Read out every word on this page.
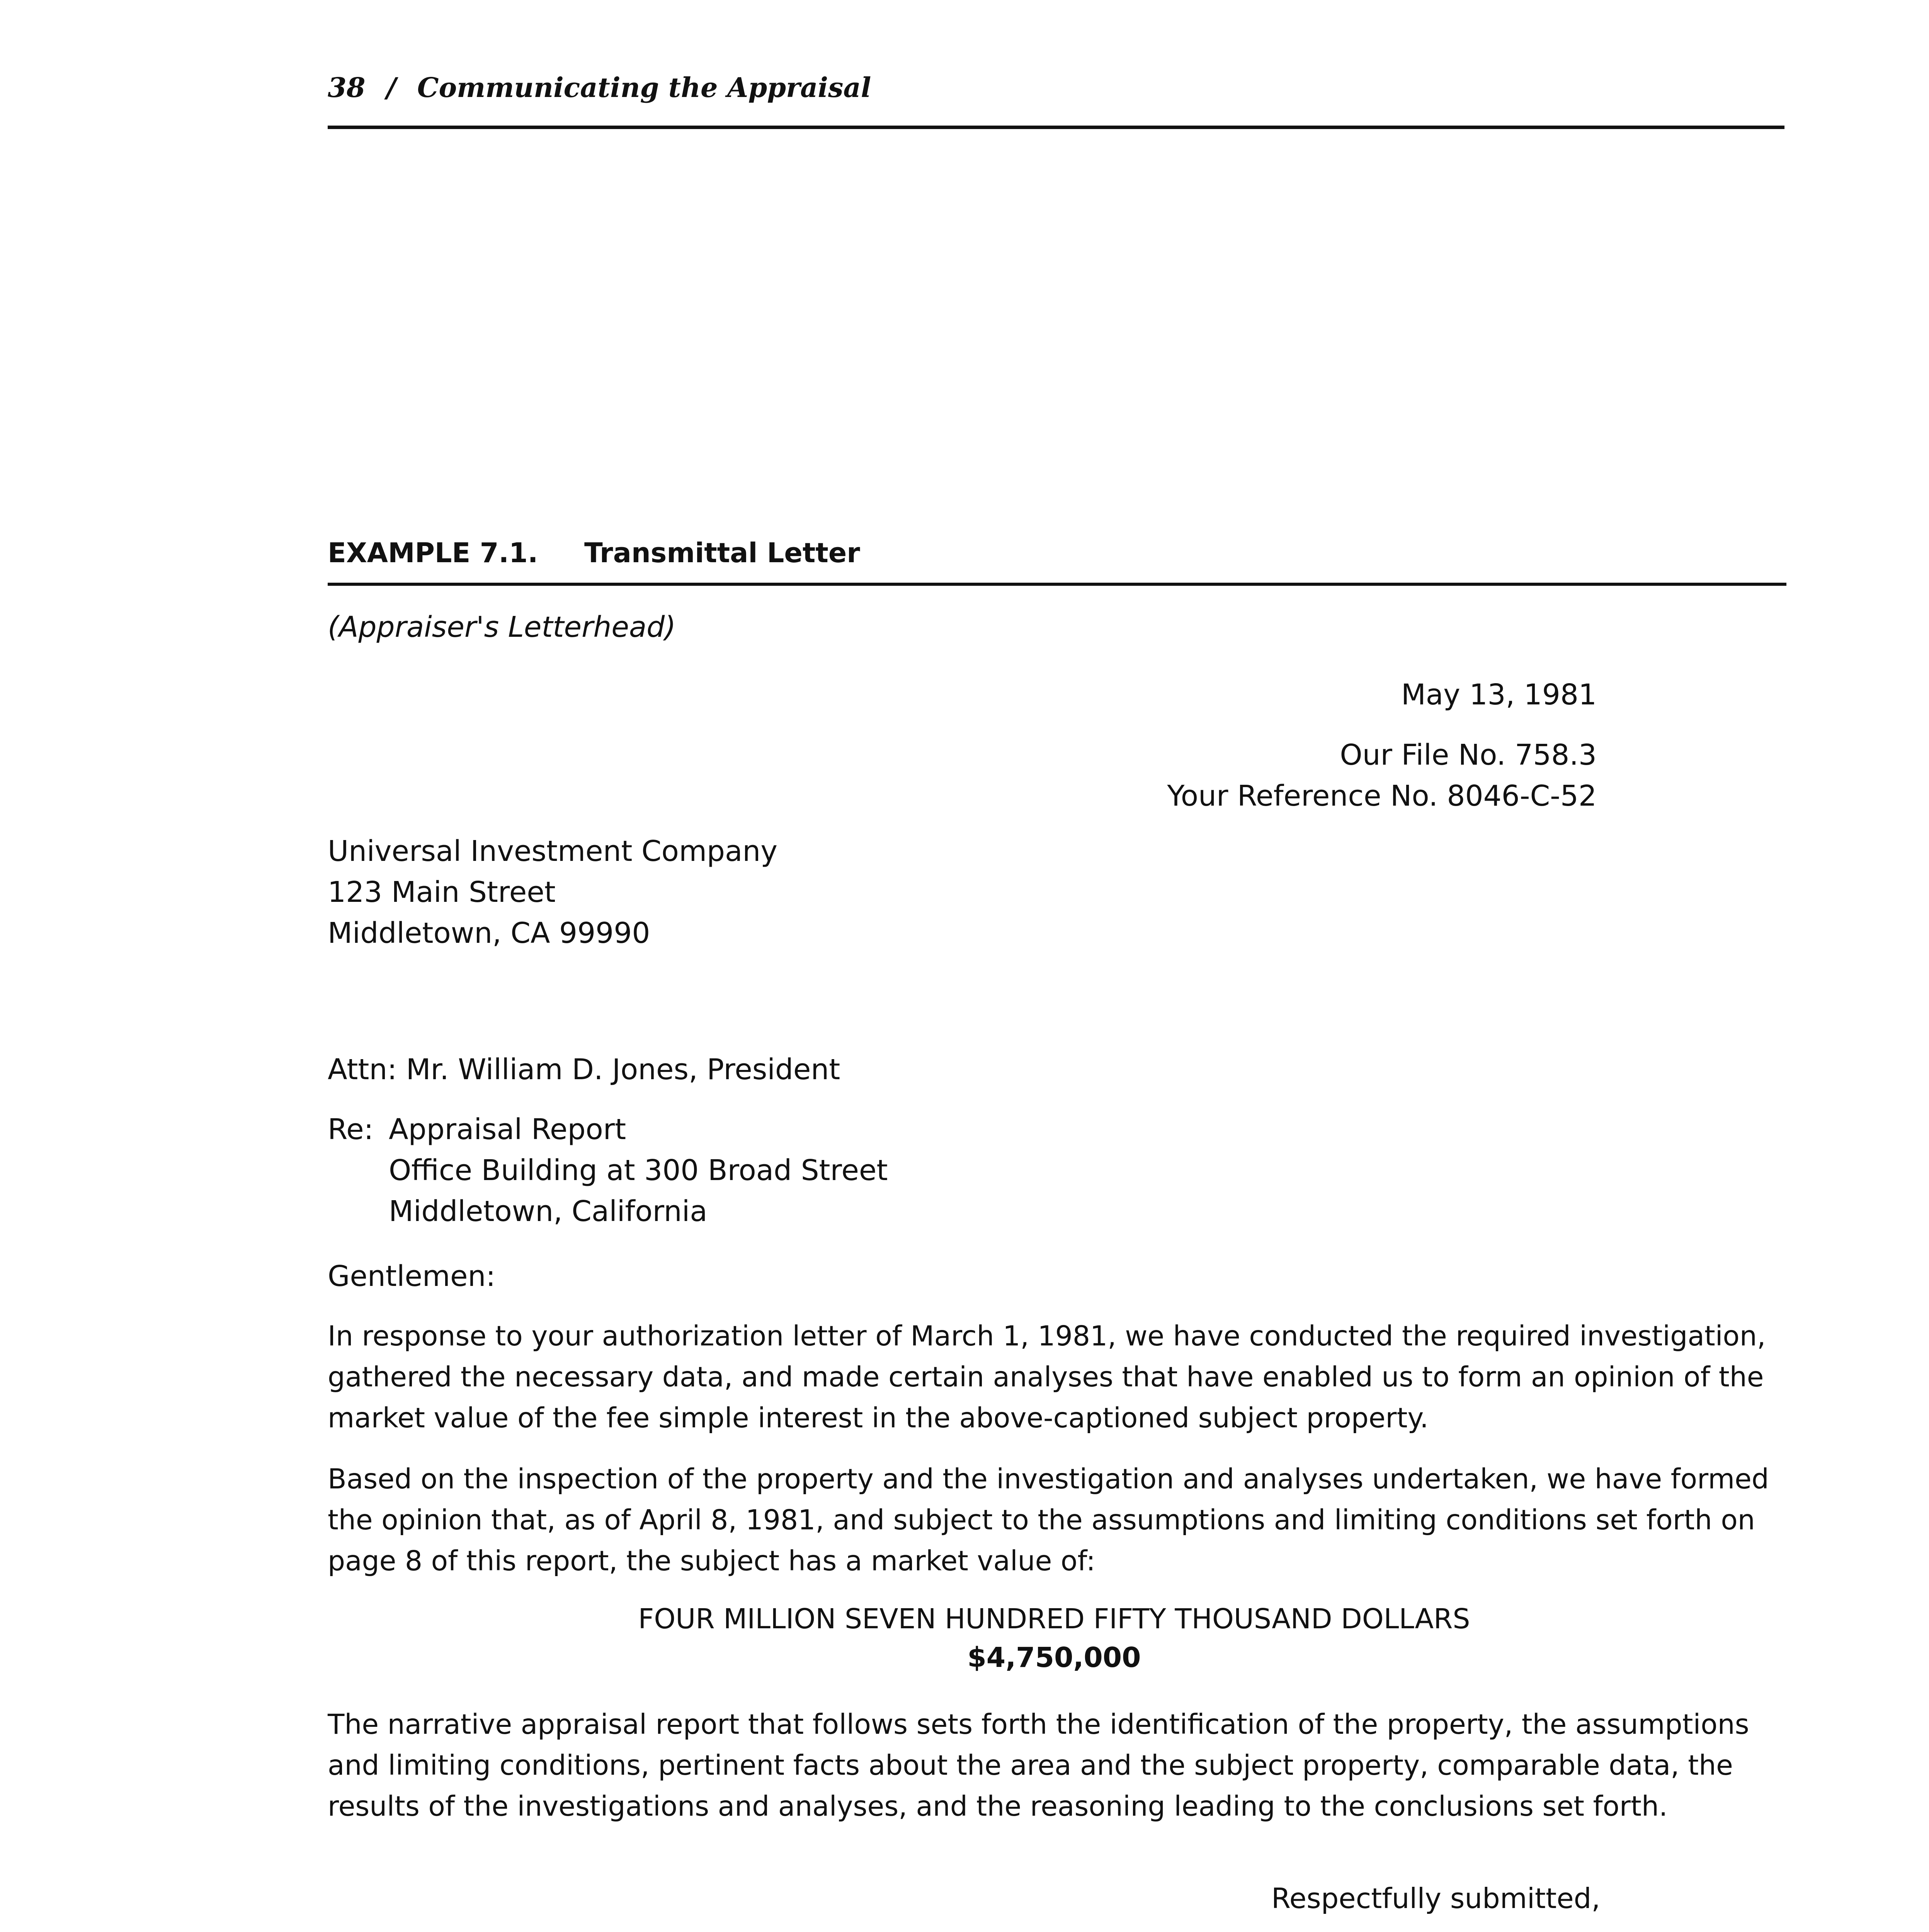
38 / Communicating the Appraisal
EXAMPLE 7.1. Transmittal Letter
(Appraiser's Letterhead)
May 13, 1981
Our File No. 758.3
Your Reference No. 8046-C-52
Universal Investment Company
123 Main Street
Middletown, CA 99990
Attn: Mr. William D. Jones, President
Re: Appraisal Report
Office Building at 300 Broad Street
Middletown, California
Gentlemen:
In response to your authorization letter of March 1, 1981, we have conducted the required investigation, gathered the necessary data, and made certain analyses that have enabled us to form an opinion of the market value of the fee simple interest in the above-captioned subject property.
Based on the inspection of the property and the investigation and analyses undertaken, we have formed the opinion that, as of April 8, 1981, and subject to the assumptions and limiting conditions set forth on page 8 of this report, the subject has a market value of:
FOUR MILLION SEVEN HUNDRED FIFTY THOUSAND DOLLARS
$4,750,000
The narrative appraisal report that follows sets forth the identification of the property, the assumptions and limiting conditions, pertinent facts about the area and the subject property, comparable data, the results of the investigations and analyses, and the reasoning leading to the conclusions set forth.
Respectfully submitted,
